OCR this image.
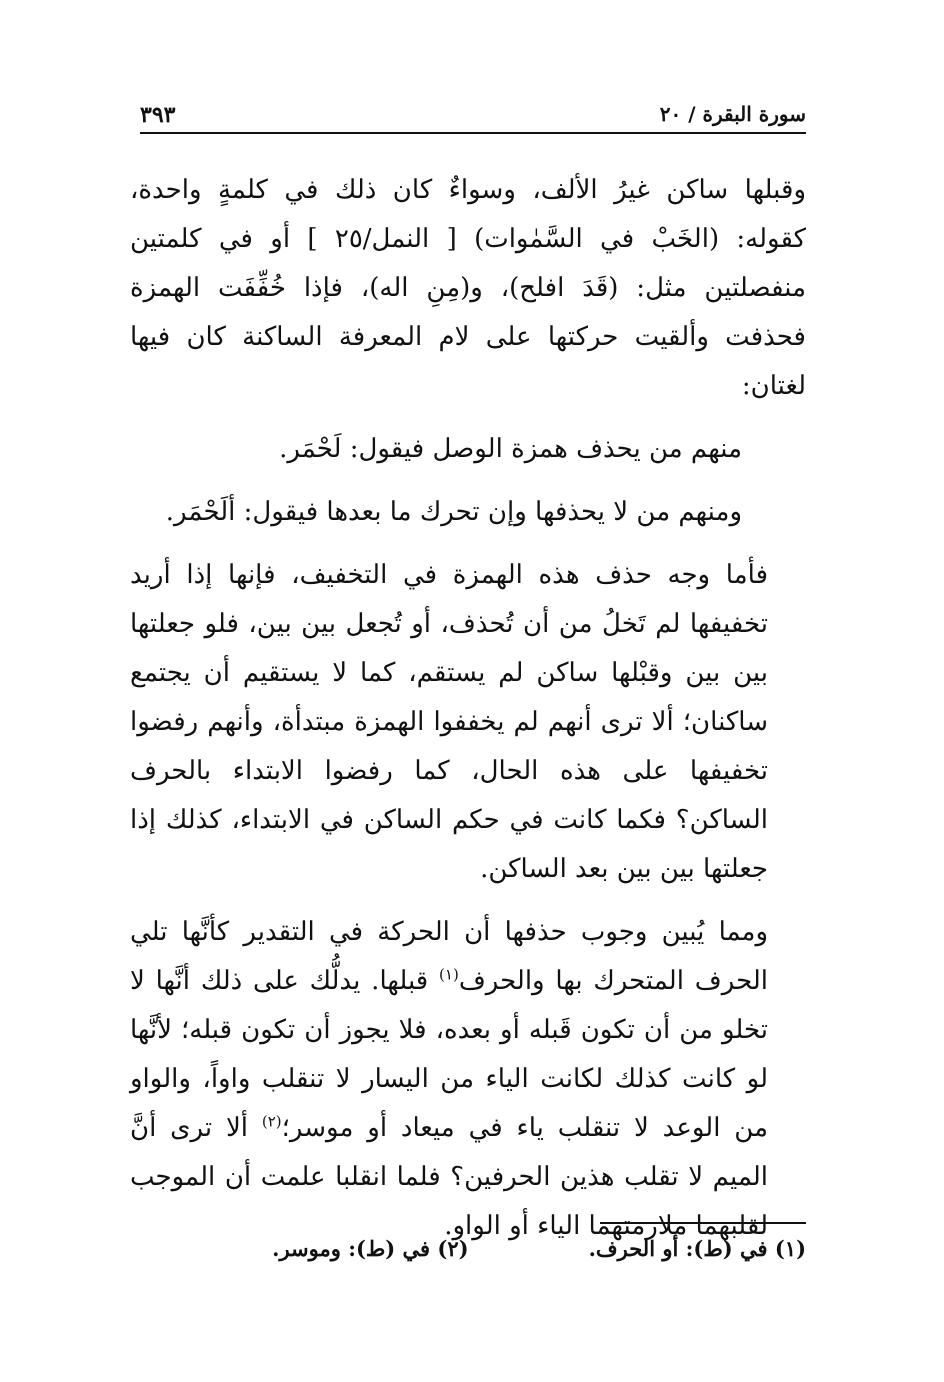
سورة البقرة / ٢٠
٣٩٣

وقبلها ساكن غيرُ الألف، وسواءٌ كان ذلك في كلمةٍ واحدة، كقوله: (الخَبْ في السَّمٰوات) [ النمل/٢٥ ] أو في كلمتين منفصلتين مثل: (قَدَ افلح)، و(مِنِ اله)، فإذا خُفِّفَت الهمزة فحذفت وألقيت حركتها على لام المعرفة الساكنة كان فيها لغتان:

منهم من يحذف همزة الوصل فيقول: لَحْمَر.

ومنهم من لا يحذفها وإن تحرك ما بعدها فيقول: ألَحْمَر.

فأما وجه حذف هذه الهمزة في التخفيف، فإنها إذا أريد تخفيفها لم تَخلُ من أن تُحذف، أو تُجعل بين بين، فلو جعلتها بين بين وقبْلها ساكن لم يستقم، كما لا يستقيم أن يجتمع ساكنان؛ ألا ترى أنهم لم يخففوا الهمزة مبتدأة، وأنهم رفضوا تخفيفها على هذه الحال، كما رفضوا الابتداء بالحرف الساكن؟ فكما كانت في حكم الساكن في الابتداء، كذلك إذا جعلتها بين بين بعد الساكن.

ومما يُبين وجوب حذفها أن الحركة في التقدير كأنَّها تلي الحرف المتحرك بها والحرف$^{(١)}$ قبلها. يدلُّك على ذلك أنَّها لا تخلو من أن تكون قَبله أو بعده، فلا يجوز أن تكون قبله؛ لأنَّها لو كانت كذلك لكانت الياء من اليسار لا تنقلب واواً، والواو من الوعد لا تنقلب ياء في ميعاد أو موسر؛$^{(٢)}$ ألا ترى أنَّ الميم لا تقلب هذين الحرفين؟ فلما انقلبا علمت أن الموجب لقلبهما ملازمتهما الياء أو الواو.

(١) في (ط): أو الحرف.
(٢) في (ط): وموسر.
